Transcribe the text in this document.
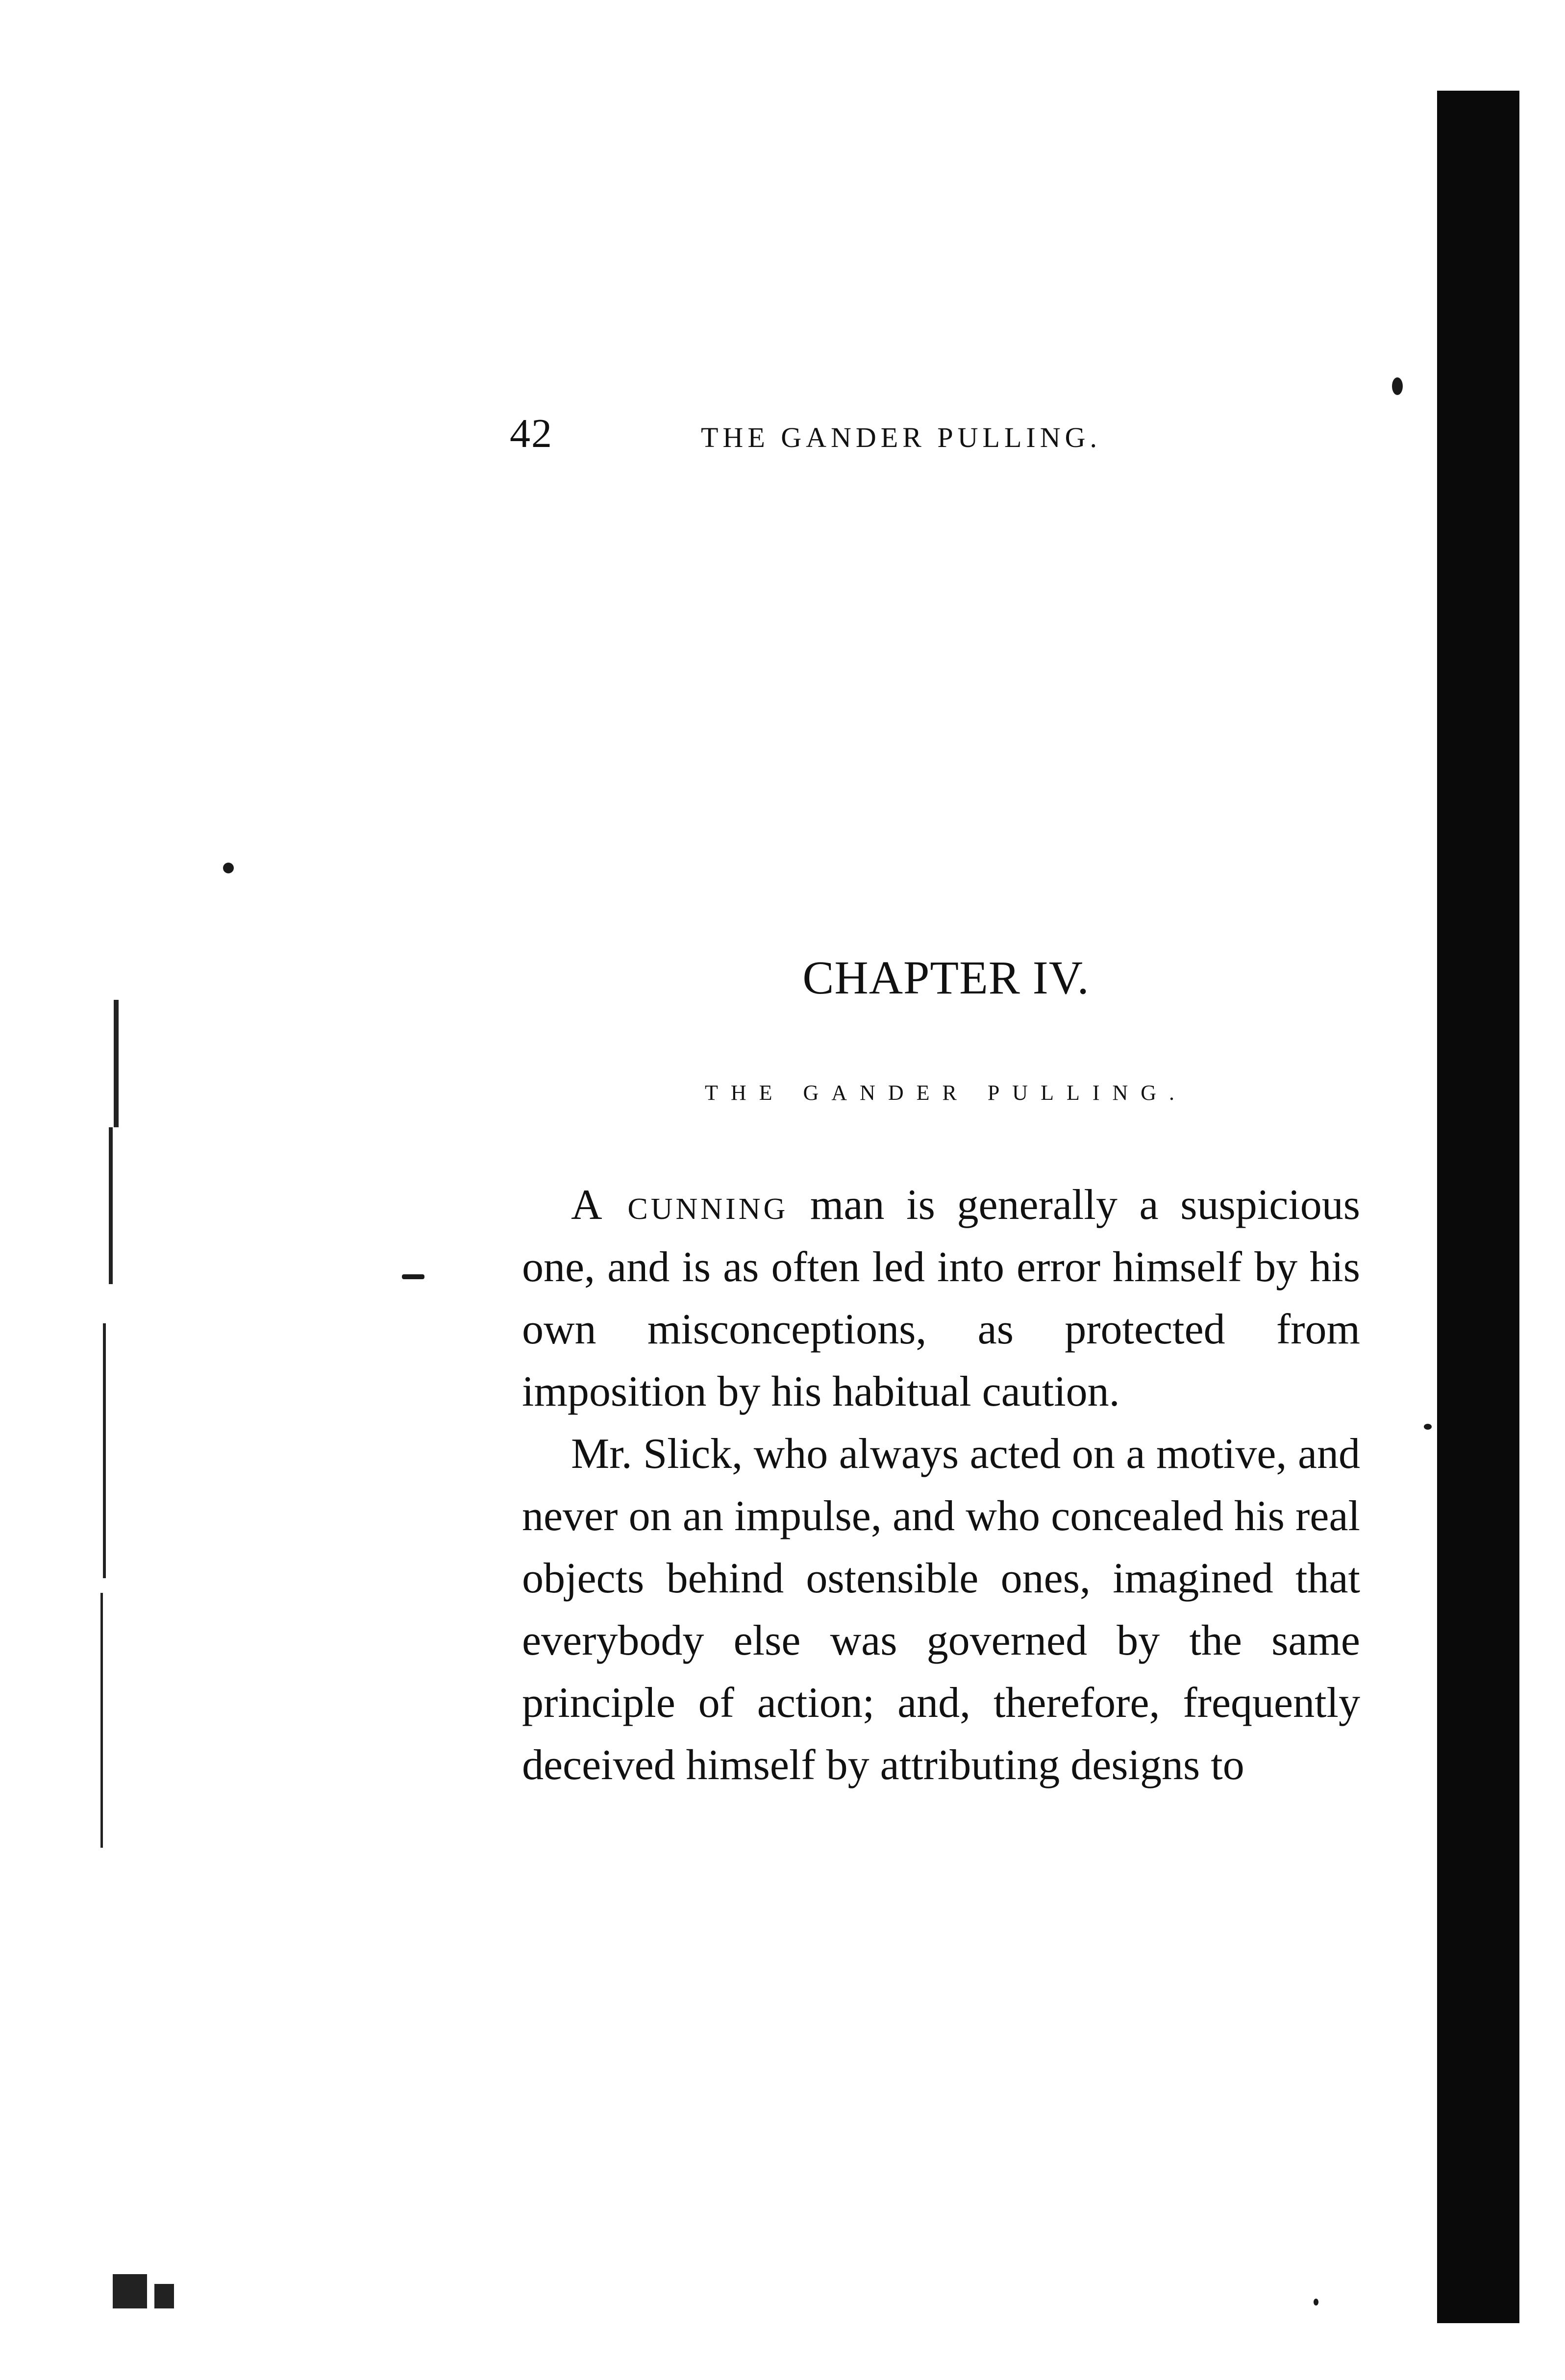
42	THE GANDER PULLING.
CHAPTER IV.
THE GANDER PULLING.

A cunning man is generally a suspicious one, and is as often led into error himself by his own misconceptions, as protected from imposition by his habitual caution.

Mr. Slick, who always acted on a motive, and never on an impulse, and who concealed his real objects behind ostensible ones, imagined that everybody else was governed by the same principle of action; and, therefore, frequently deceived himself by attributing designs to
